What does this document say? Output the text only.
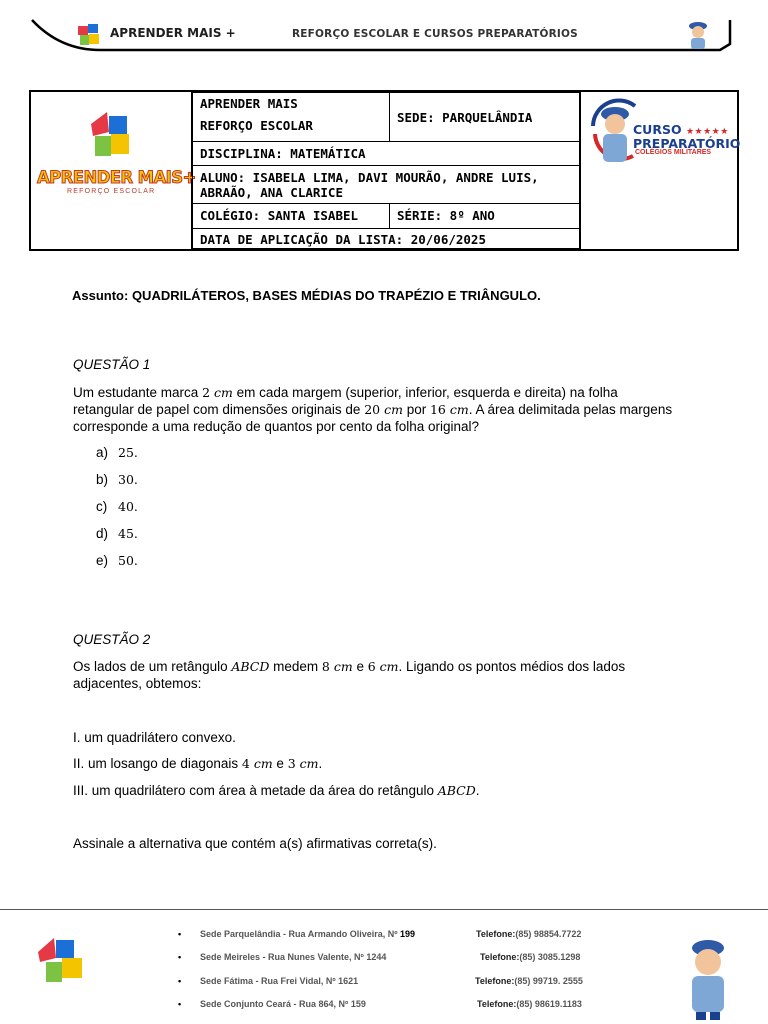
APRENDER MAIS +	REFORÇO ESCOLAR E CURSOS PREPARATÓRIOS
APRENDER MAIS+
REFORÇO ESCOLAR
APRENDER MAIS
REFORÇO ESCOLAR
SEDE: PARQUELÂNDIA
DISCIPLINA: MATEMÁTICA
ALUNO: ISABELA LIMA, DAVI MOURÃO, ANDRE LUIS, ABRAÃO, ANA CLARICE
COLÉGIO: SANTA ISABEL	SÉRIE: 8º ANO
DATA DE APLICAÇÃO DA LISTA: 20/06/2025
CURSO ★★★★★
PREPARATÓRIO
COLÉGIOS MILITARES
Assunto: QUADRILÁTEROS, BASES MÉDIAS DO TRAPÉZIO E TRIÂNGULO.
QUESTÃO 1
Um estudante marca 2 cm em cada margem (superior, inferior, esquerda e direita) na folha retangular de papel com dimensões originais de 20 cm por 16 cm. A área delimitada pelas margens corresponde a uma redução de quantos por cento da folha original?
a) 25.
b) 30.
c) 40.
d) 45.
e) 50.
QUESTÃO 2
Os lados de um retângulo ABCD medem 8 cm e 6 cm. Ligando os pontos médios dos lados adjacentes, obtemos:
I. um quadrilátero convexo.
II. um losango de diagonais 4 cm e 3 cm.
III. um quadrilátero com área à metade da área do retângulo ABCD.
Assinale a alternativa que contém a(s) afirmativas correta(s).
• Sede Parquelândia - Rua Armando Oliveira, Nº 199	Telefone:(85) 98854.7722
• Sede Meireles - Rua Nunes Valente, Nº 1244	Telefone:(85) 3085.1298
• Sede Fátima - Rua Frei Vidal, Nº 1621	Telefone:(85) 99719. 2555
• Sede Conjunto Ceará - Rua 864, Nº 159	Telefone:(85) 98619.1183
